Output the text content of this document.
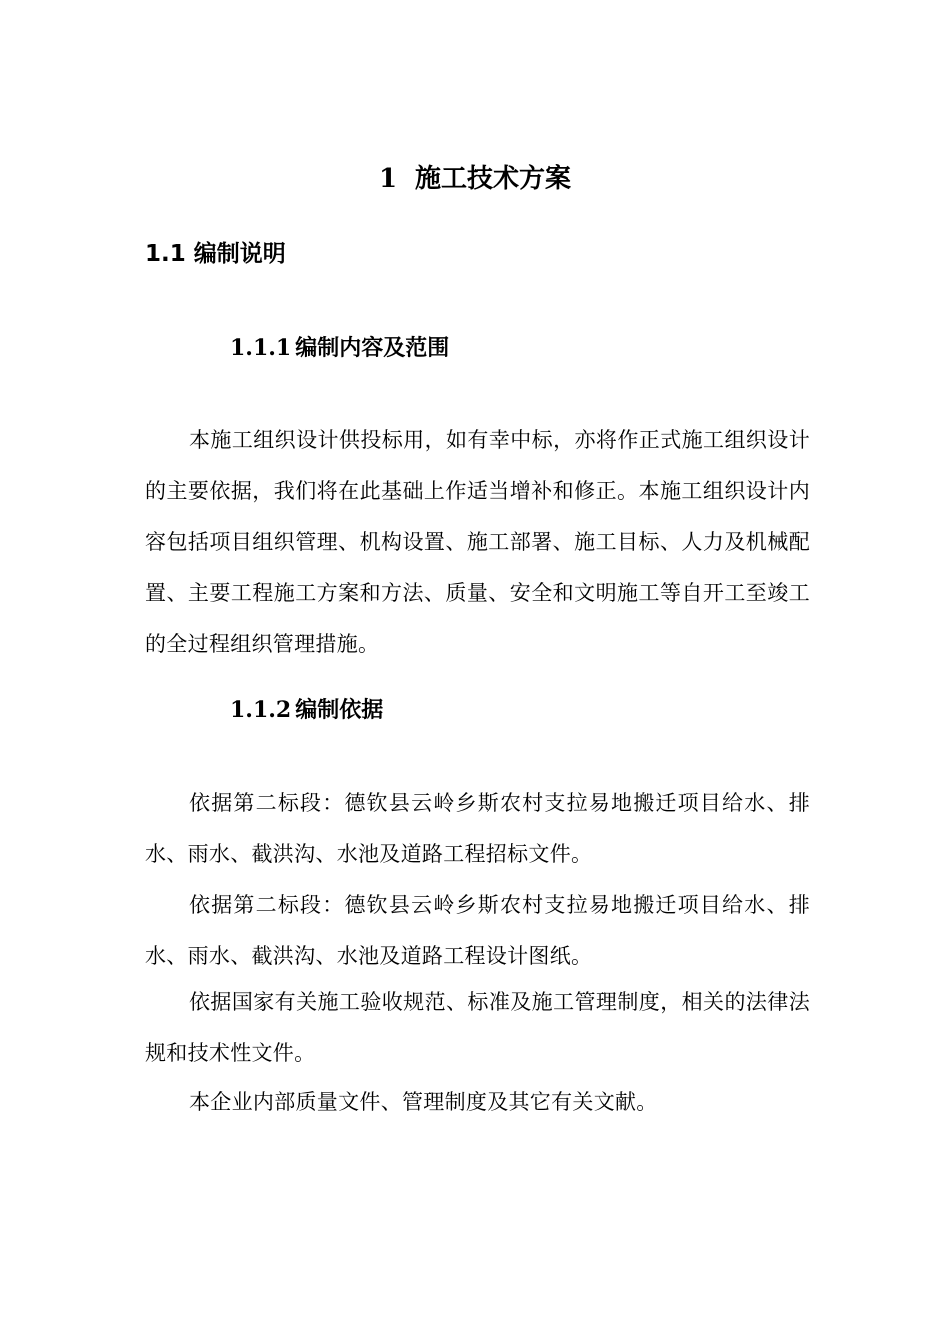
1 施工技术方案
1.1 编制说明
1.1.1 编制内容及范围

本施工组织设计供投标用，如有幸中标，亦将作正式施工组织设计的主要依据，我们将在此基础上作适当增补和修正。本施工组织设计内容包括项目组织管理、机构设置、施工部署、施工目标、人力及机械配置、主要工程施工方案和方法、质量、安全和文明施工等自开工至竣工的全过程组织管理措施。

1.1.2 编制依据

依据第二标段：德钦县云岭乡斯农村支拉易地搬迁项目给水、排水、雨水、截洪沟、水池及道路工程招标文件。

依据第二标段：德钦县云岭乡斯农村支拉易地搬迁项目给水、排水、雨水、截洪沟、水池及道路工程设计图纸。

依据国家有关施工验收规范、标准及施工管理制度，相关的法律法规和技术性文件。

本企业内部质量文件、管理制度及其它有关文献。
